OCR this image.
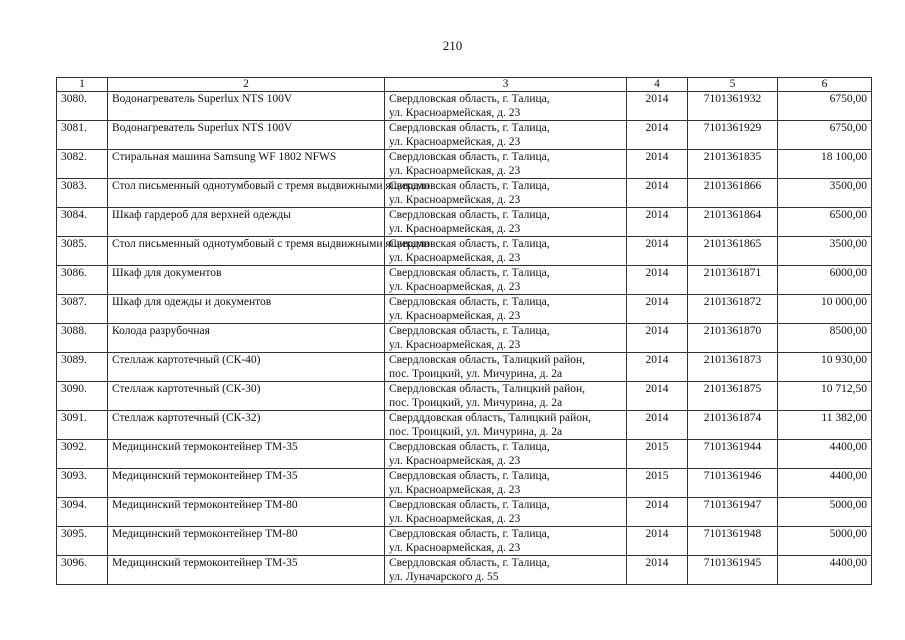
210
1	2	3	4	5	6
3080.	Водонагреватель Superlux NTS 100V	Свердловская область, г. Талица,
ул. Красноармейская, д. 23	2014	7101361932	6750,00
3081.	Водонагреватель Superlux NTS 100V	Свердловская область, г. Талица,
ул. Красноармейская, д. 23	2014	7101361929	6750,00
3082.	Стиральная машина Samsung WF 1802 NFWS	Свердловская область, г. Талица,
ул. Красноармейская, д. 23	2014	2101361835	18 100,00
3083.	Стол письменный однотумбовый с тремя выдвижными ящиками	Свердловская область, г. Талица,
ул. Красноармейская, д. 23	2014	2101361866	3500,00
3084.	Шкаф гардероб для верхней одежды	Свердловская область, г. Талица,
ул. Красноармейская, д. 23	2014	2101361864	6500,00
3085.	Стол письменный однотумбовый с тремя выдвижными ящиками	Свердловская область, г. Талица,
ул. Красноармейская, д. 23	2014	2101361865	3500,00
3086.	Шкаф для документов	Свердловская область, г. Талица,
ул. Красноармейская, д. 23	2014	2101361871	6000,00
3087.	Шкаф для одежды и документов	Свердловская область, г. Талица,
ул. Красноармейская, д. 23	2014	2101361872	10 000,00
3088.	Колода разрубочная	Свердловская область, г. Талица,
ул. Красноармейская, д. 23	2014	2101361870	8500,00
3089.	Стеллаж картотечный (СК-40)	Свердловская область, Талицкий район,
пос. Троицкий, ул. Мичурина, д. 2а	2014	2101361873	10 930,00
3090.	Стеллаж картотечный (СК-30)	Свердловская область, Талицкий район,
пос. Троицкий, ул. Мичурина, д. 2а	2014	2101361875	10 712,50
3091.	Стеллаж картотечный (СК-32)	Свердддовская область, Талицкий район,
пос. Троицкий, ул. Мичурина, д. 2а	2014	2101361874	11 382,00
3092.	Медицинский термоконтейнер ТМ-35	Свердловская область, г. Талица,
ул. Красноармейская, д. 23	2015	7101361944	4400,00
3093.	Медицинский термоконтейнер ТМ-35	Свердловская область, г. Талица,
ул. Красноармейская, д. 23	2015	7101361946	4400,00
3094.	Медицинский термоконтейнер ТМ-80	Свердловская область, г. Талица,
ул. Красноармейская, д. 23	2014	7101361947	5000,00
3095.	Медицинский термоконтейнер ТМ-80	Свердловская область, г. Талица,
ул. Красноармейская, д. 23	2014	7101361948	5000,00
3096.	Медицинский термоконтейнер ТМ-35	Свердловская область, г. Талица,
ул. Луначарского д. 55	2014	7101361945	4400,00
